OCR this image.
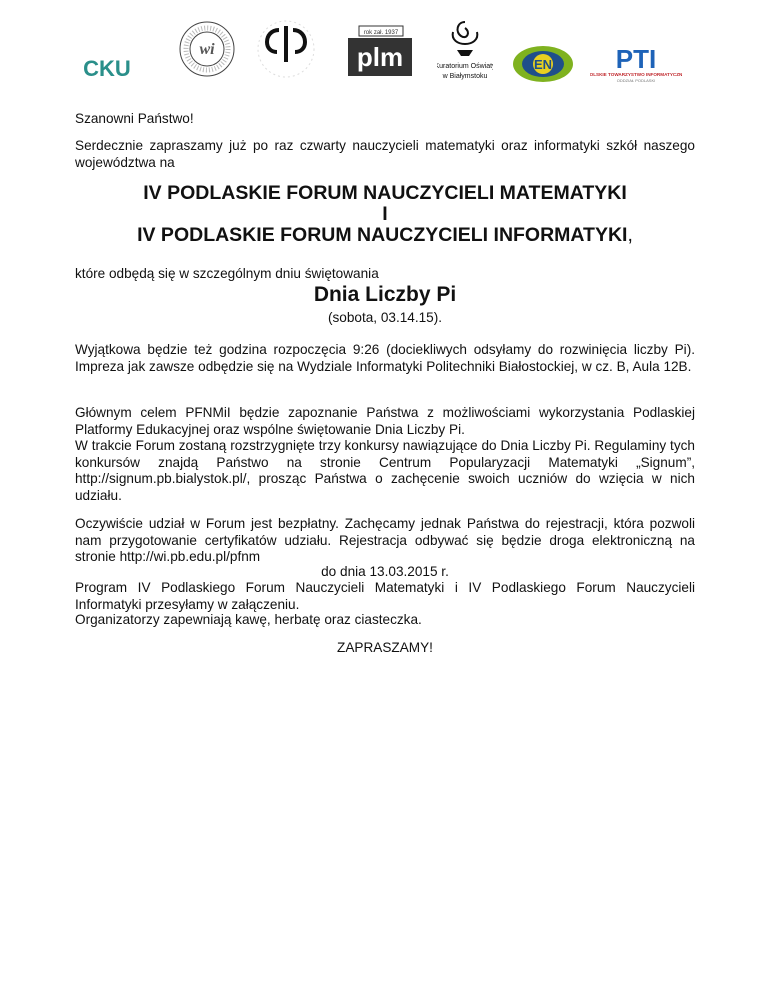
CKU
wi
rok zał. 1937
plm	Kuratorium Oświaty
w Białymstoku
EN PTI
POLSKIE TOWARZYSTWO INFORMATYCZNE
ODDZIAŁ PODLASKI

Szanowni Państwo!

Serdecznie zapraszamy już po raz czwarty nauczycieli matematyki oraz informatyki szkół naszego województwa na

IV PODLASKIE FORUM NAUCZYCIELI MATEMATYKI
I
IV PODLASKIE FORUM NAUCZYCIELI INFORMATYKI,

które odbędą się w szczególnym dniu świętowania

Dnia Liczby Pi

(sobota, 03.14.15).

Wyjątkowa będzie też godzina rozpoczęcia 9:26 (dociekliwych odsyłamy do rozwinięcia liczby Pi). Impreza jak zawsze odbędzie się na Wydziale Informatyki Politechniki Białostockiej, w cz. B, Aula 12B.

Głównym celem PFNMiI będzie zapoznanie Państwa z możliwościami wykorzystania Podlaskiej Platformy Edukacyjnej oraz wspólne świętowanie Dnia Liczby Pi.

W trakcie Forum zostaną rozstrzygnięte trzy konkursy nawiązujące do Dnia Liczby Pi. Regulaminy tych konkursów znajdą Państwo na stronie Centrum Popularyzacji Matematyki „Signum”, http://signum.pb.bialystok.pl/, prosząc Państwa o zachęcenie swoich uczniów do wzięcia w nich udziału.

Oczywiście udział w Forum jest bezpłatny. Zachęcamy jednak Państwa do rejestracji, która pozwoli nam przygotowanie certyfikatów udziału. Rejestracja odbywać się będzie droga elektroniczną na stronie http://wi.pb.edu.pl/pfnm

do dnia 13.03.2015 r.

Program IV Podlaskiego Forum Nauczycieli Matematyki i IV Podlaskiego Forum Nauczycieli Informatyki przesyłamy w załączeniu.

Organizatorzy zapewniają kawę, herbatę oraz ciasteczka.

ZAPRASZAMY!
